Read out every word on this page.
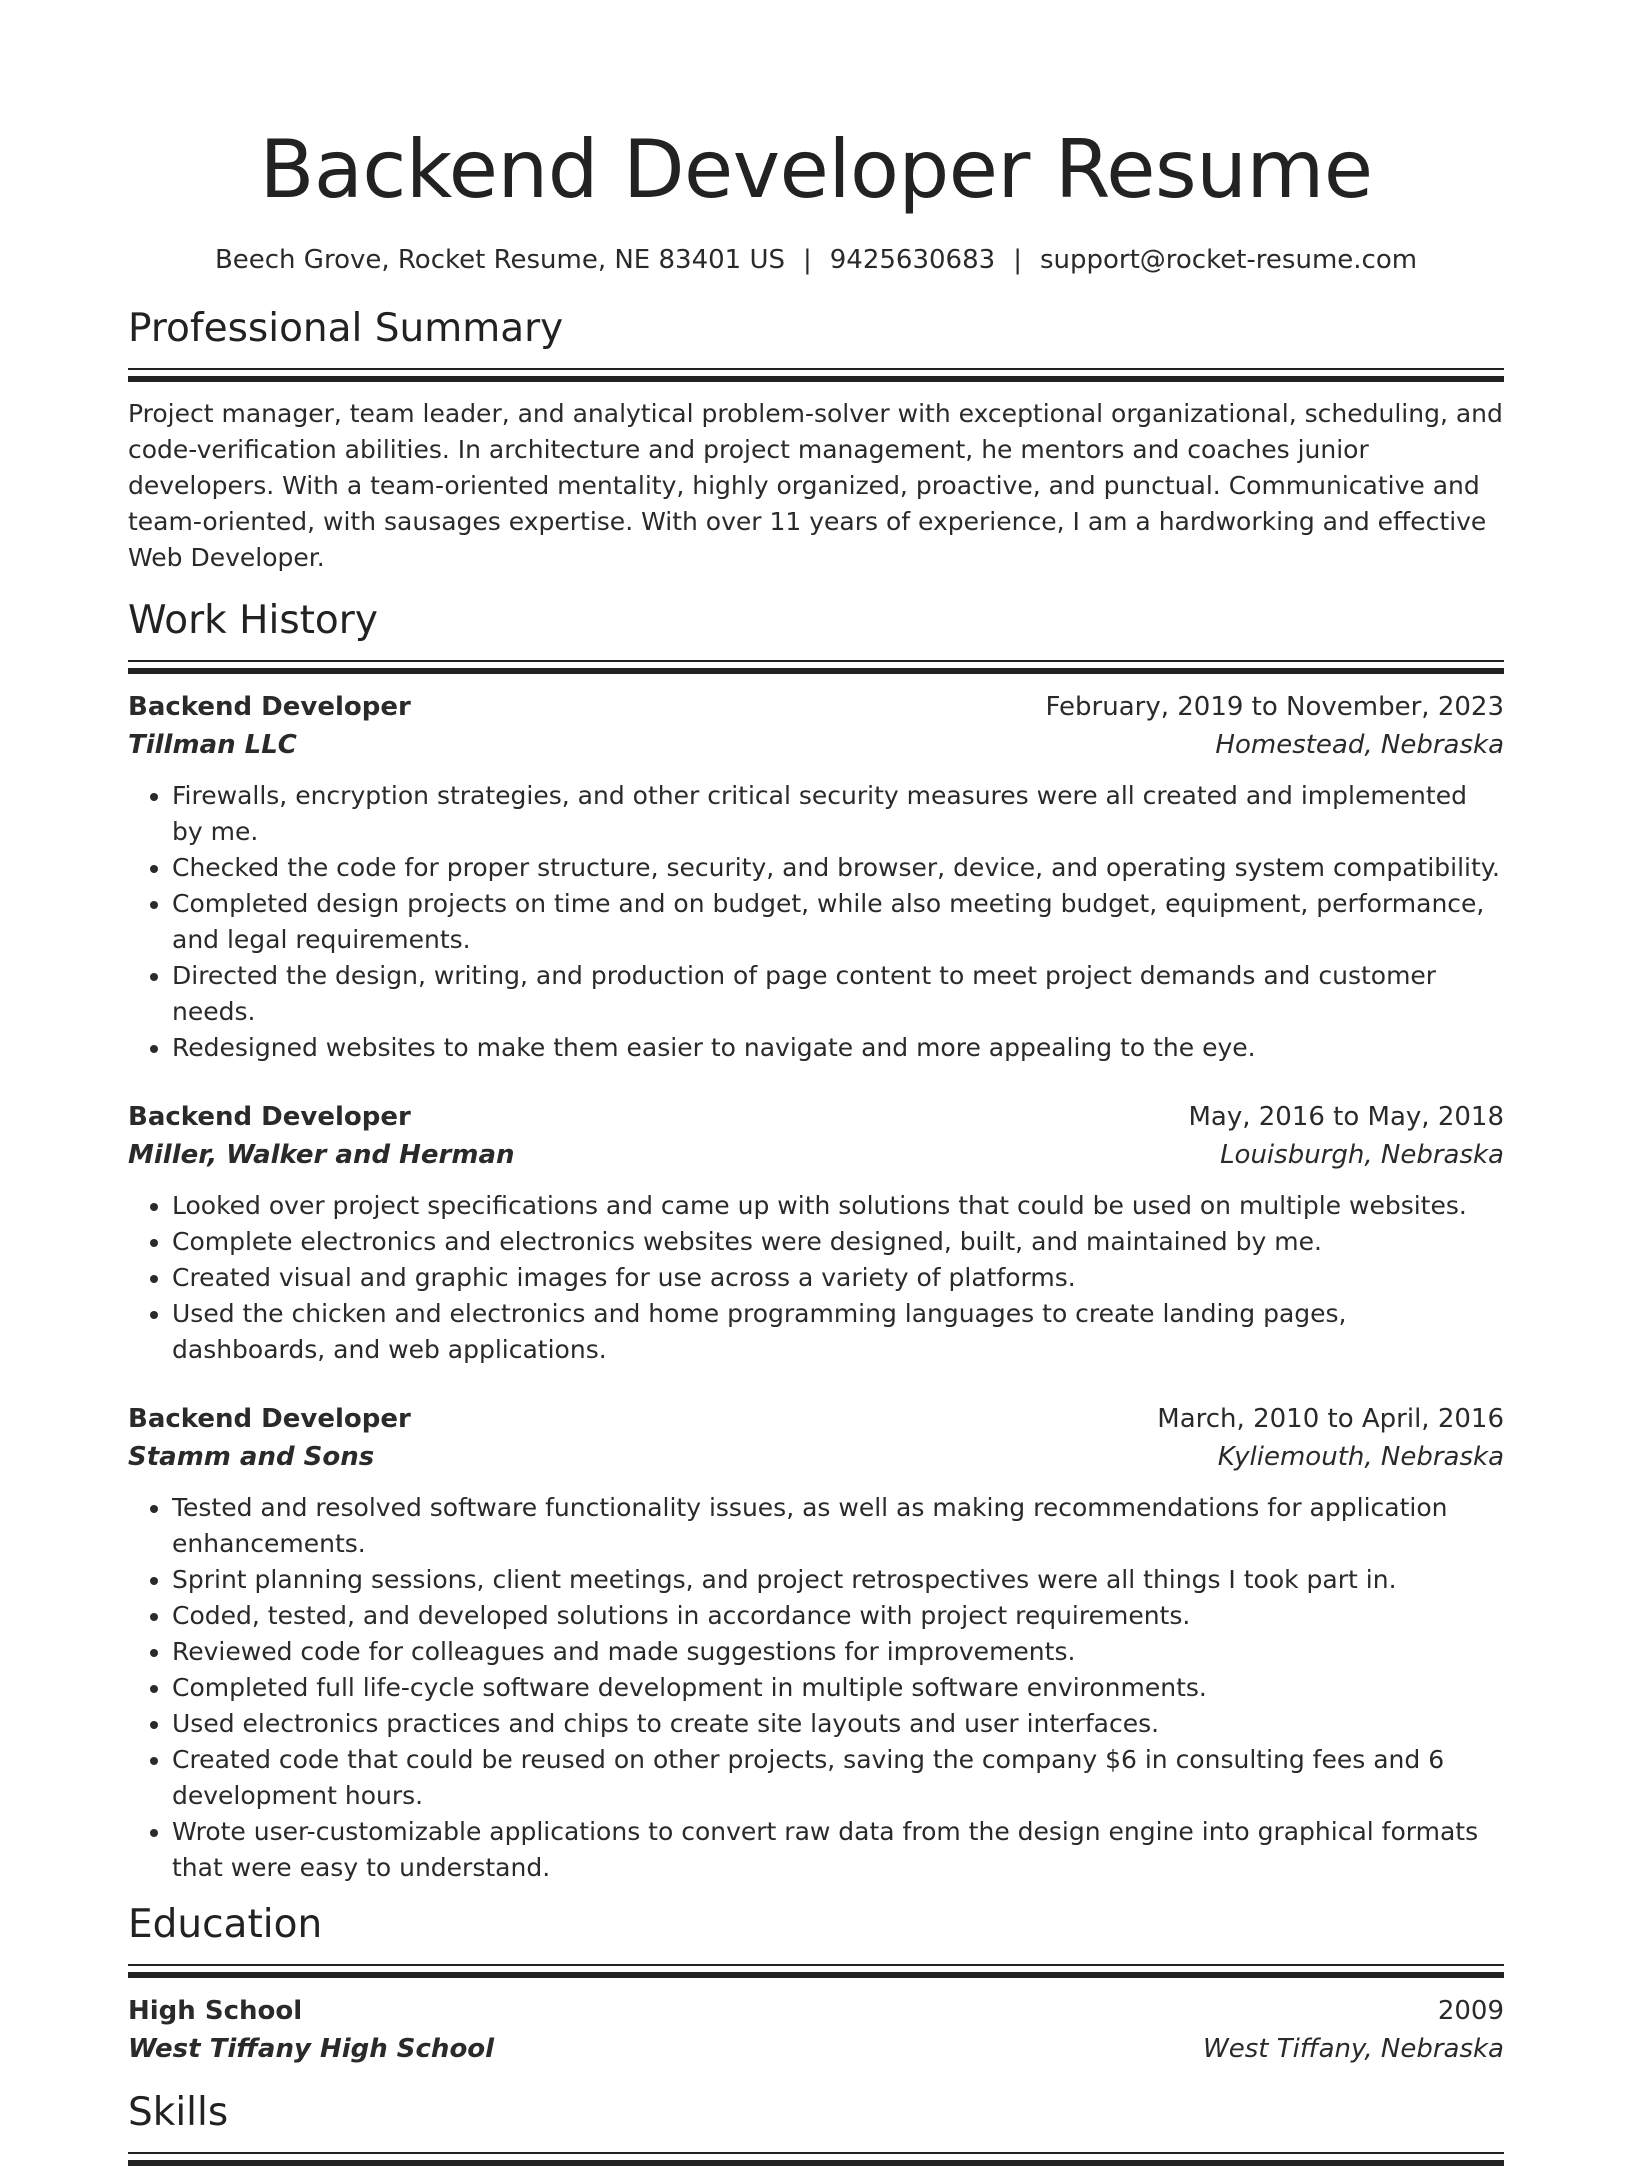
Backend Developer Resume
Beech Grove, Rocket Resume, NE 83401 US | 9425630683 | support@rocket-resume.com
Professional Summary

Project manager, team leader, and analytical problem-solver with exceptional organizational, scheduling, and code-verification abilities. In architecture and project management, he mentors and coaches junior developers. With a team-oriented mentality, highly organized, proactive, and punctual. Communicative and team-oriented, with sausages expertise. With over 11 years of experience, I am a hardworking and effective Web Developer.

Work History
Backend Developer	February, 2019 to November, 2023
Tillman LLC	Homestead, Nebraska
• Firewalls, encryption strategies, and other critical security measures were all created and implemented by me.
• Checked the code for proper structure, security, and browser, device, and operating system compatibility.
• Completed design projects on time and on budget, while also meeting budget, equipment, performance, and legal requirements.
• Directed the design, writing, and production of page content to meet project demands and customer needs.
• Redesigned websites to make them easier to navigate and more appealing to the eye.
Backend Developer	May, 2016 to May, 2018
Miller, Walker and Herman	Louisburgh, Nebraska
• Looked over project specifications and came up with solutions that could be used on multiple websites.
• Complete electronics and electronics websites were designed, built, and maintained by me.
• Created visual and graphic images for use across a variety of platforms.
• Used the chicken and electronics and home programming languages to create landing pages, dashboards, and web applications.
Backend Developer	March, 2010 to April, 2016
Stamm and Sons	Kyliemouth, Nebraska
• Tested and resolved software functionality issues, as well as making recommendations for application enhancements.
• Sprint planning sessions, client meetings, and project retrospectives were all things I took part in.
• Coded, tested, and developed solutions in accordance with project requirements.
• Reviewed code for colleagues and made suggestions for improvements.
• Completed full life-cycle software development in multiple software environments.
• Used electronics practices and chips to create site layouts and user interfaces.
• Created code that could be reused on other projects, saving the company $6 in consulting fees and 6 development hours.
• Wrote user-customizable applications to convert raw data from the design engine into graphical formats that were easy to understand.
Education
High School	2009
West Tiffany High School	West Tiffany, Nebraska
Skills
